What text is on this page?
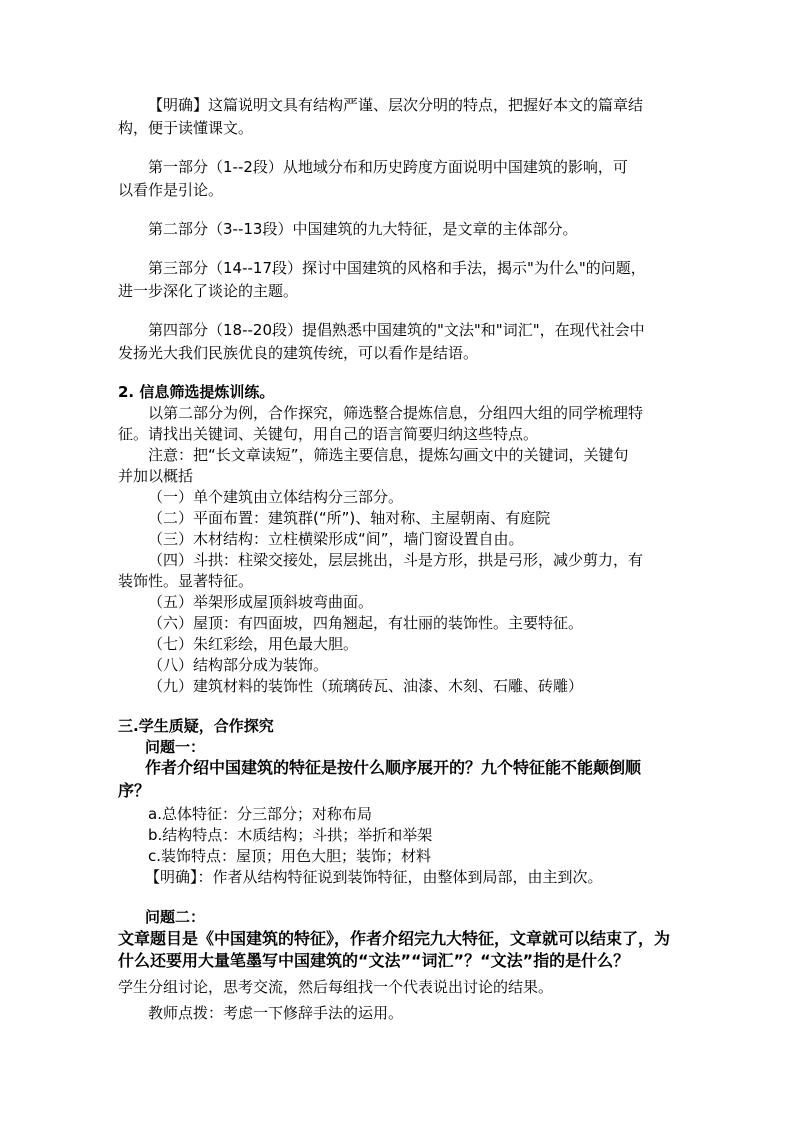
【明确】这篇说明文具有结构严谨、层次分明的特点，把握好本文的篇章结

构，便于读懂课文。

第一部分（1--2段）从地域分布和历史跨度方面说明中国建筑的影响，可

以看作是引论。

第二部分（3--13段）中国建筑的九大特征，是文章的主体部分。

第三部分（14--17段）探讨中国建筑的风格和手法，揭示"为什么"的问题，

进一步深化了谈论的主题。

第四部分（18--20段）提倡熟悉中国建筑的"文法"和"词汇"，在现代社会中

发扬光大我们民族优良的建筑传统，可以看作是结语。

2. 信息筛选提炼训练。

以第二部分为例，合作探究，筛选整合提炼信息，分组四大组的同学梳理特

征。请找出关键词、关键句，用自己的语言简要归纳这些特点。

注意：把“长文章读短”，筛选主要信息，提炼勾画文中的关键词，关键句

并加以概括

（一）单个建筑由立体结构分三部分。

（二）平面布置：建筑群(“所”)、轴对称、主屋朝南、有庭院

（三）木材结构：立柱横梁形成“间”，墙门窗设置自由。

（四）斗拱：柱梁交接处，层层挑出，斗是方形，拱是弓形，减少剪力，有

装饰性。显著特征。

（五）举架形成屋顶斜坡弯曲面。

（六）屋顶：有四面坡，四角翘起，有壮丽的装饰性。主要特征。

（七）朱红彩绘，用色最大胆。

（八）结构部分成为装饰。

（九）建筑材料的装饰性（琉璃砖瓦、油漆、木刻、石雕、砖雕）

三.学生质疑，合作探究

问题一：

作者介绍中国建筑的特征是按什么顺序展开的？九个特征能不能颠倒顺

序？

a.总体特征：分三部分；对称布局

b.结构特点：木质结构；斗拱；举折和举架

c.装饰特点：屋顶；用色大胆；装饰；材料

【明确】：作者从结构特征说到装饰特征，由整体到局部，由主到次。

问题二：

文章题目是《中国建筑的特征》，作者介绍完九大特征，文章就可以结束了，为

什么还要用大量笔墨写中国建筑的“文法”“词汇”？“文法”指的是什么？

学生分组讨论，思考交流，然后每组找一个代表说出讨论的结果。

教师点拨：考虑一下修辞手法的运用。
